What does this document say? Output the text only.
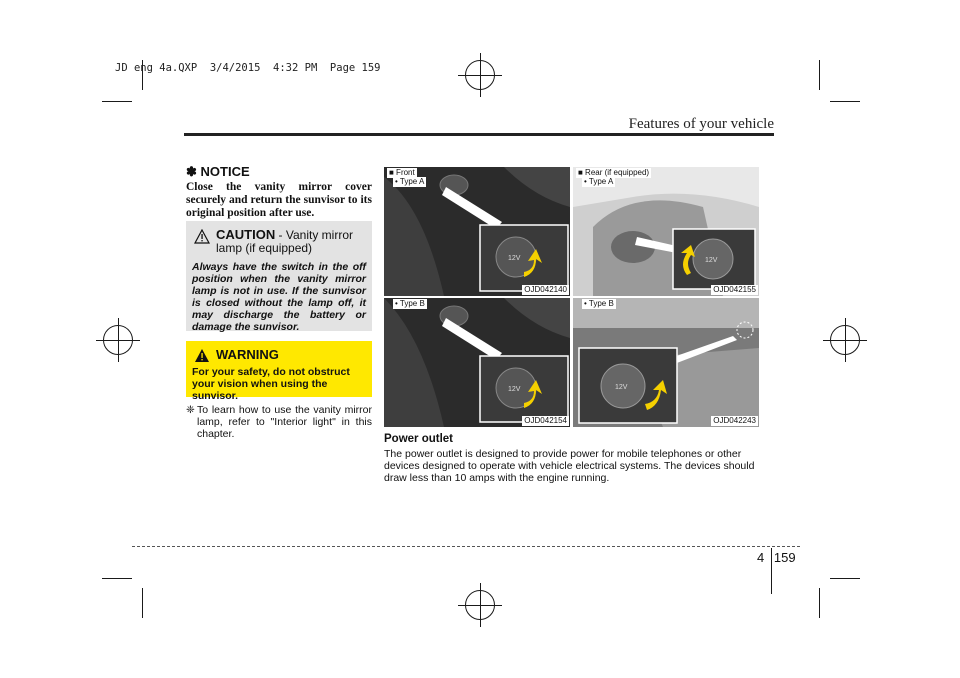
JD eng 4a.QXP  3/4/2015  4:32 PM  Page 159
Features of your vehicle
✽ NOTICE
Close the vanity mirror cover securely and return the sunvisor to its original position after use.
CAUTION - Vanity mirror lamp (if equipped)
Always have the switch in the off position when the vanity mirror lamp is not in use. If the sunvisor is closed without the lamp off, it may discharge the battery or damage the sunvisor.
WARNING
For your safety, do not obstruct your vision when using the sunvisor.
❈ To learn how to use the vanity mirror lamp, refer to "Interior light" in this chapter.
12V
■ Front
• Type A
OJD042140
12V
■ Rear (if equipped)
• Type A
OJD042155
12V
• Type B
OJD042154
12V
• Type B
OJD042243
Power outlet
The power outlet is designed to provide power for mobile telephones or other devices designed to operate with vehicle electrical systems. The devices should draw less than 10 amps with the engine running.
4 159
